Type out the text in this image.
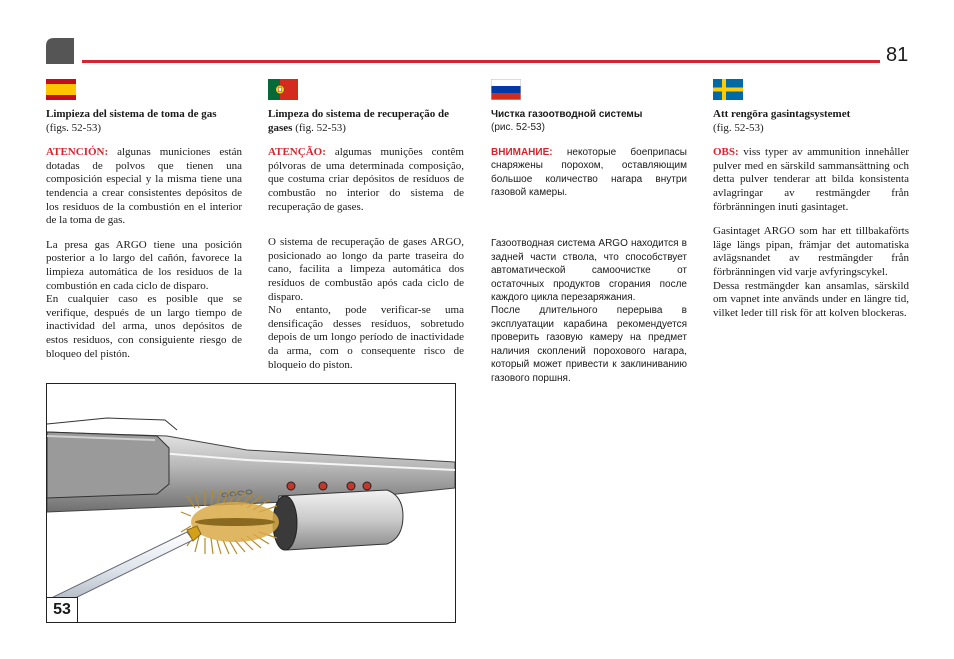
81
Limpieza del sistema de toma de gas
(figs. 52-53)

ATENCIÓN: algunas municiones están dotadas de polvos que tienen una composición especial y la misma tiene una tendencia a crear consistentes depósitos de los residuos de la combustión en el interior de la toma de gas.

La presa gas ARGO tiene una posición posterior a lo largo del cañón, favorece la limpieza automática de los residuos de la combustión en cada ciclo de disparo.

En cualquier caso es posible que se verifique, después de un largo tiempo de inactividad del arma, unos depósitos de estos residuos, con consiguiente riesgo de bloqueo del pistón.

Limpeza do sistema de recuperação de gases (fig. 52-53)

ATENÇÃO: algumas munições contêm pólvoras de uma determinada composição, que costuma criar depósitos de resíduos de combustão no interior do sistema de recuperação de gases.

O sistema de recuperação de gases ARGO, posicionado ao longo da parte traseira do cano, facilita a limpeza automática dos resíduos de combustão após cada ciclo de disparo.

No entanto, pode verificar-se uma densificação desses resíduos, sobretudo depois de um longo período de inactividade da arma, com o consequente risco de bloqueio do piston.

Чистка газоотводной системы
(рис. 52-53)

ВНИМАНИЕ: некоторые боеприпасы снаряжены порохом, оставляющим большое количество нагара внутри газовой камеры.

Газоотводная система ARGO находится в задней части ствола, что способствует автоматической самоочистке от остаточных продуктов сгорания после каждого цикла перезаряжания.

После длительного перерыва в эксплуатации карабина рекомендуется проверить газовую камеру на предмет наличия скоплений порохового нагара, который может привести к заклиниванию газового поршня.

Att rengöra gasintagsystemet
(fig. 52-53)

OBS: viss typer av ammunition innehåller pulver med en särskild sammansättning och detta pulver tenderar att bilda konsistenta avlagringar av restmängder från förbränningen inuti gasintaget.

Gasintaget ARGO som har ett tillbakaförts läge längs pipan, främjar det automatiska avlägsnandet av restmängder från förbränningen vid varje avfyringscykel.

Dessa restmängder kan ansamlas, särskild om vapnet inte används under en längre tid, vilket leder till risk för att kolven blockeras.

53
